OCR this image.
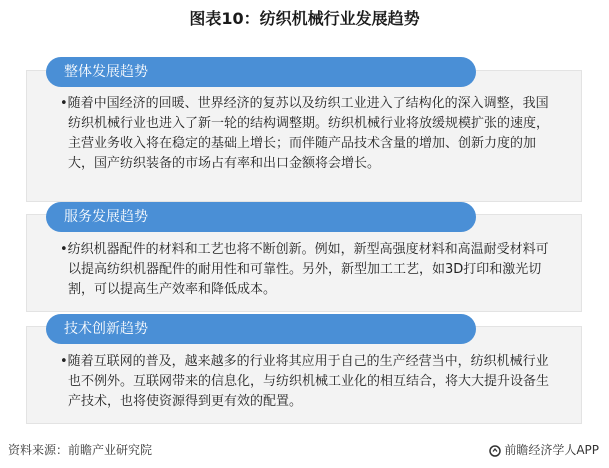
图表10：纺织机械行业发展趋势
整体发展趋势
•随着中国经济的回暖、世界经济的复苏以及纺织工业进入了结构化的深入调整，我国纺织机械行业也进入了新一轮的结构调整期。纺织机械行业将放缓规模扩张的速度，主营业务收入将在稳定的基础上增长；而伴随产品技术含量的增加、创新力度的加大，国产纺织装备的市场占有率和出口金额将会增长。
服务发展趋势
•纺织机器配件的材料和工艺也将不断创新。例如，新型高强度材料和高温耐受材料可以提高纺织机器配件的耐用性和可靠性。另外，新型加工工艺，如3D打印和激光切割，可以提高生产效率和降低成本。
技术创新趋势
•随着互联网的普及，越来越多的行业将其应用于自己的生产经营当中，纺织机械行业也不例外。互联网带来的信息化，与纺织机械工业化的相互结合，将大大提升设备生产技术，也将使资源得到更有效的配置。
资料来源：前瞻产业研究院	前瞻经济学人APP
